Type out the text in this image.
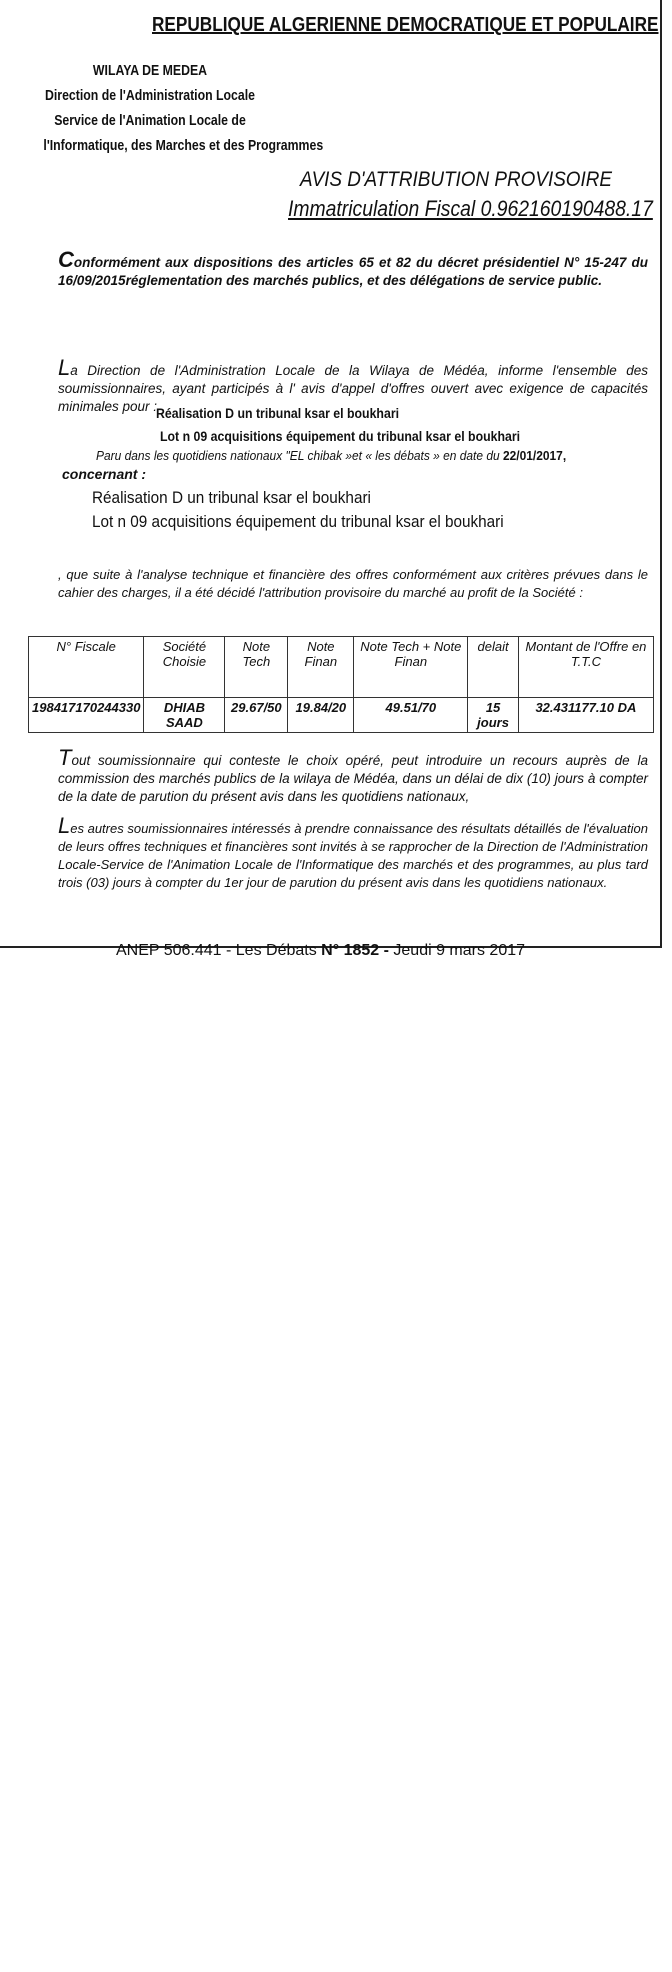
REPUBLIQUE ALGERIENNE DEMOCRATIQUE ET POPULAIRE
WILAYA DE MEDEA
Direction de l'Administration Locale
Service de l'Animation Locale de
l'Informatique, des Marches et des Programmes
AVIS D'ATTRIBUTION PROVISOIRE
Immatriculation Fiscal 0.962160190488.17
Conformément aux dispositions des articles 65 et 82 du décret présidentiel N° 15-247 du 16/09/2015réglementation des marchés publics, et des délégations de service public.
La Direction de l'Administration Locale de la Wilaya de Médéa, informe l'ensemble des soumissionnaires, ayant participés à l' avis d'appel d'offres ouvert avec exigence de capacités minimales pour :
Réalisation D un tribunal ksar el boukhari
Lot n 09 acquisitions équipement du tribunal ksar el boukhari
Paru dans les quotidiens nationaux "EL chibak »et « les débats » en date du 22/01/2017,
concernant :
Réalisation D un tribunal ksar el boukhari
Lot n 09 acquisitions équipement du tribunal ksar el boukhari
, que suite à l'analyse technique et financière des offres conformément aux critères prévues dans le cahier des charges, il a été décidé l'attribution provisoire du marché au profit de la Société :
N° Fiscale	Société Choisie	Note Tech	Note Finan	Note Tech + Note Finan	delait	Montant de l'Offre en T.T.C
198417170244330	DHIAB SAAD	29.67/50	19.84/20	49.51/70	15 jours	32.431177.10 DA
Tout soumissionnaire qui conteste le choix opéré, peut introduire un recours auprès de la commission des marchés publics de la wilaya de Médéa, dans un délai de dix (10) jours à compter de la date de parution du présent avis dans les quotidiens nationaux,
Les autres soumissionnaires intéressés à prendre connaissance des résultats détaillés de l'évaluation de leurs offres techniques et financières sont invités à se rapprocher de la Direction de l'Administration Locale-Service de l'Animation Locale de l'Informatique des marchés et des programmes, au plus tard trois (03) jours à compter du 1er jour de parution du présent avis dans les quotidiens nationaux.
ANEP 506.441 - Les Débats N° 1852 - Jeudi 9 mars 2017
